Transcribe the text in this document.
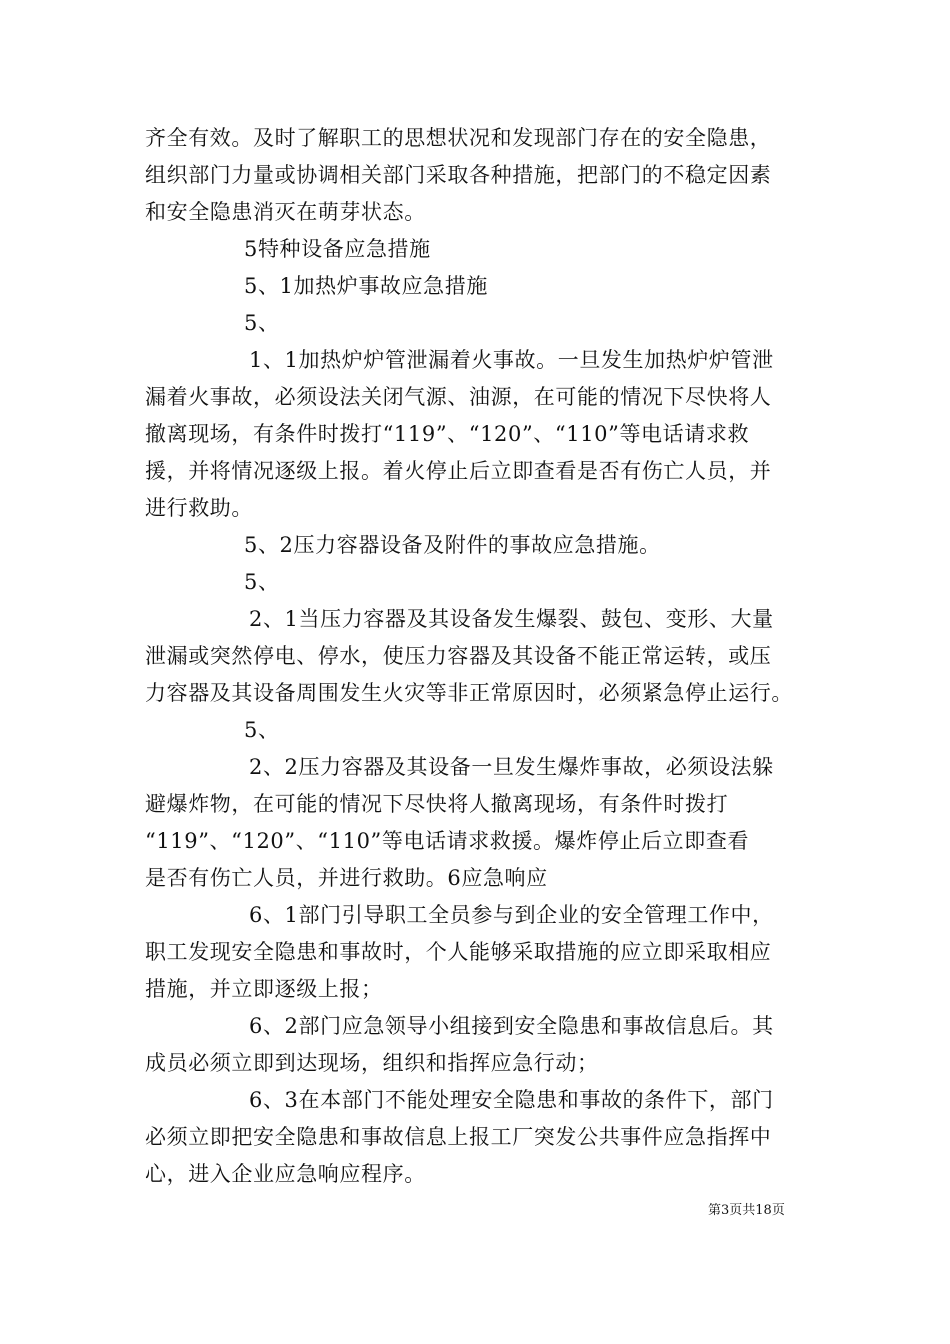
齐全有效。及时了解职工的思想状况和发现部门存在的安全隐患，
组织部门力量或协调相关部门采取各种措施，把部门的不稳定因素
和安全隐患消灭在萌芽状态。
5特种设备应急措施
5、1加热炉事故应急措施
5、
1、1加热炉炉管泄漏着火事故。一旦发生加热炉炉管泄
漏着火事故，必须设法关闭气源、油源，在可能的情况下尽快将人
撤离现场，有条件时拨打“119”、“120”、“110”等电话请求救
援，并将情况逐级上报。着火停止后立即查看是否有伤亡人员，并
进行救助。
5、2压力容器设备及附件的事故应急措施。
5、
2、1当压力容器及其设备发生爆裂、鼓包、变形、大量
泄漏或突然停电、停水，使压力容器及其设备不能正常运转，或压
力容器及其设备周围发生火灾等非正常原因时，必须紧急停止运行。
5、
2、2压力容器及其设备一旦发生爆炸事故，必须设法躲
避爆炸物，在可能的情况下尽快将人撤离现场，有条件时拨打
“119”、“120”、“110”等电话请求救援。爆炸停止后立即查看
是否有伤亡人员，并进行救助。6应急响应
6、1部门引导职工全员参与到企业的安全管理工作中，
职工发现安全隐患和事故时，个人能够采取措施的应立即采取相应
措施，并立即逐级上报；
6、2部门应急领导小组接到安全隐患和事故信息后。其
成员必须立即到达现场，组织和指挥应急行动；
6、3在本部门不能处理安全隐患和事故的条件下，部门
必须立即把安全隐患和事故信息上报工厂突发公共事件应急指挥中
心，进入企业应急响应程序。
第3页共18页
